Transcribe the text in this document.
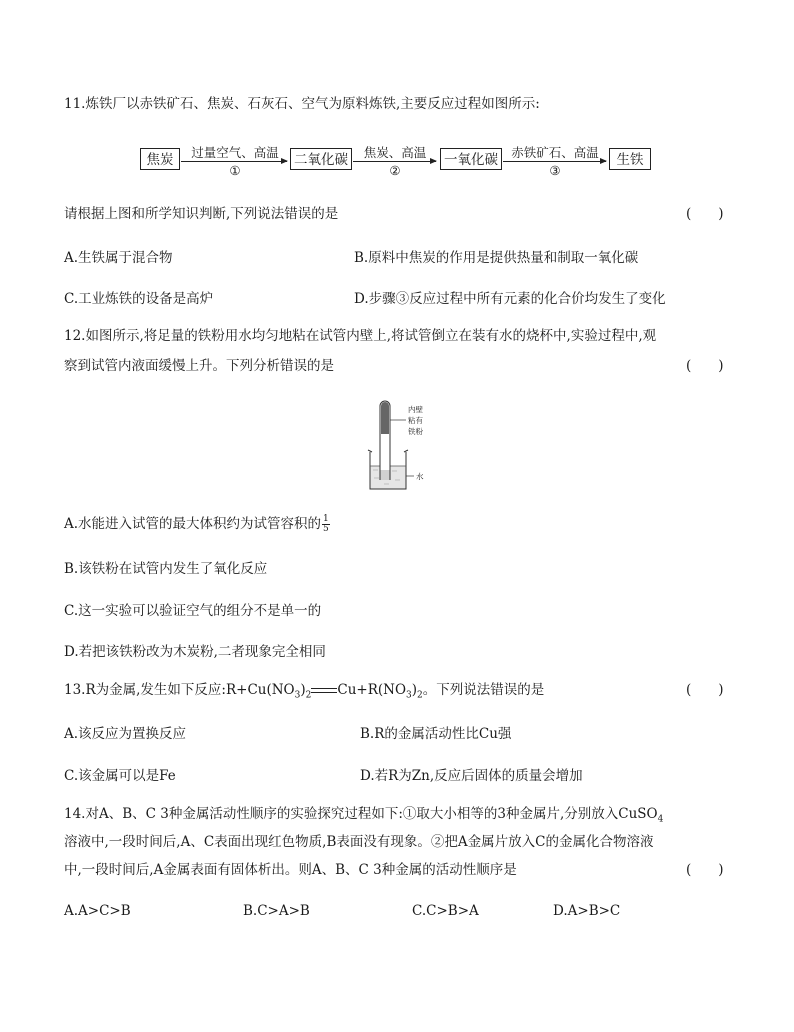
11.炼铁厂以赤铁矿石、焦炭、石灰石、空气为原料炼铁,主要反应过程如图所示:
焦炭	过量空气、高温
①
二氧化碳	焦炭、高温
②
一氧化碳	赤铁矿石、高温
③
生铁
请根据上图和所学知识判断,下列说法错误的是	(　　)
A.生铁属于混合物	B.原料中焦炭的作用是提供热量和制取一氧化碳
C.工业炼铁的设备是高炉	D.步骤③反应过程中所有元素的化合价均发生了变化
12.如图所示,将足量的铁粉用水均匀地粘在试管内壁上,将试管倒立在装有水的烧杯中,实验过程中,观
察到试管内液面缓慢上升。下列分析错误的是	(　　)
内壁
粘有
铁粉
水
A.水能进入试管的最大体积约为试管容积的 $\frac{1}{5}$
B.该铁粉在试管内发生了氧化反应
C.这一实验可以验证空气的组分不是单一的
D.若把该铁粉改为木炭粉,二者现象完全相同
13.R为金属,发生如下反应$:R+Cu(NO_3)_2$ $Cu+R(NO_3)_2$。下列说法错误的是	(　　)
A.该反应为置换反应	B.R的金属活动性比Cu强
C.该金属可以是Fe	D.若R为Zn,反应后固体的质量会增加
14.对A、B、C 3种金属活动性顺序的实验探究过程如下:①取大小相等的3种金属片,分别放入CuSO$_4$
溶液中,一段时间后,A、C表面出现红色物质,B表面没有现象。②把A金属片放入C的金属化合物溶液
中,一段时间后,A金属表面有固体析出。则A、B、C 3种金属的活动性顺序是	(　　)
A.A>C>B	B.C>A>B	C.C>B>A	D.A>B>C
